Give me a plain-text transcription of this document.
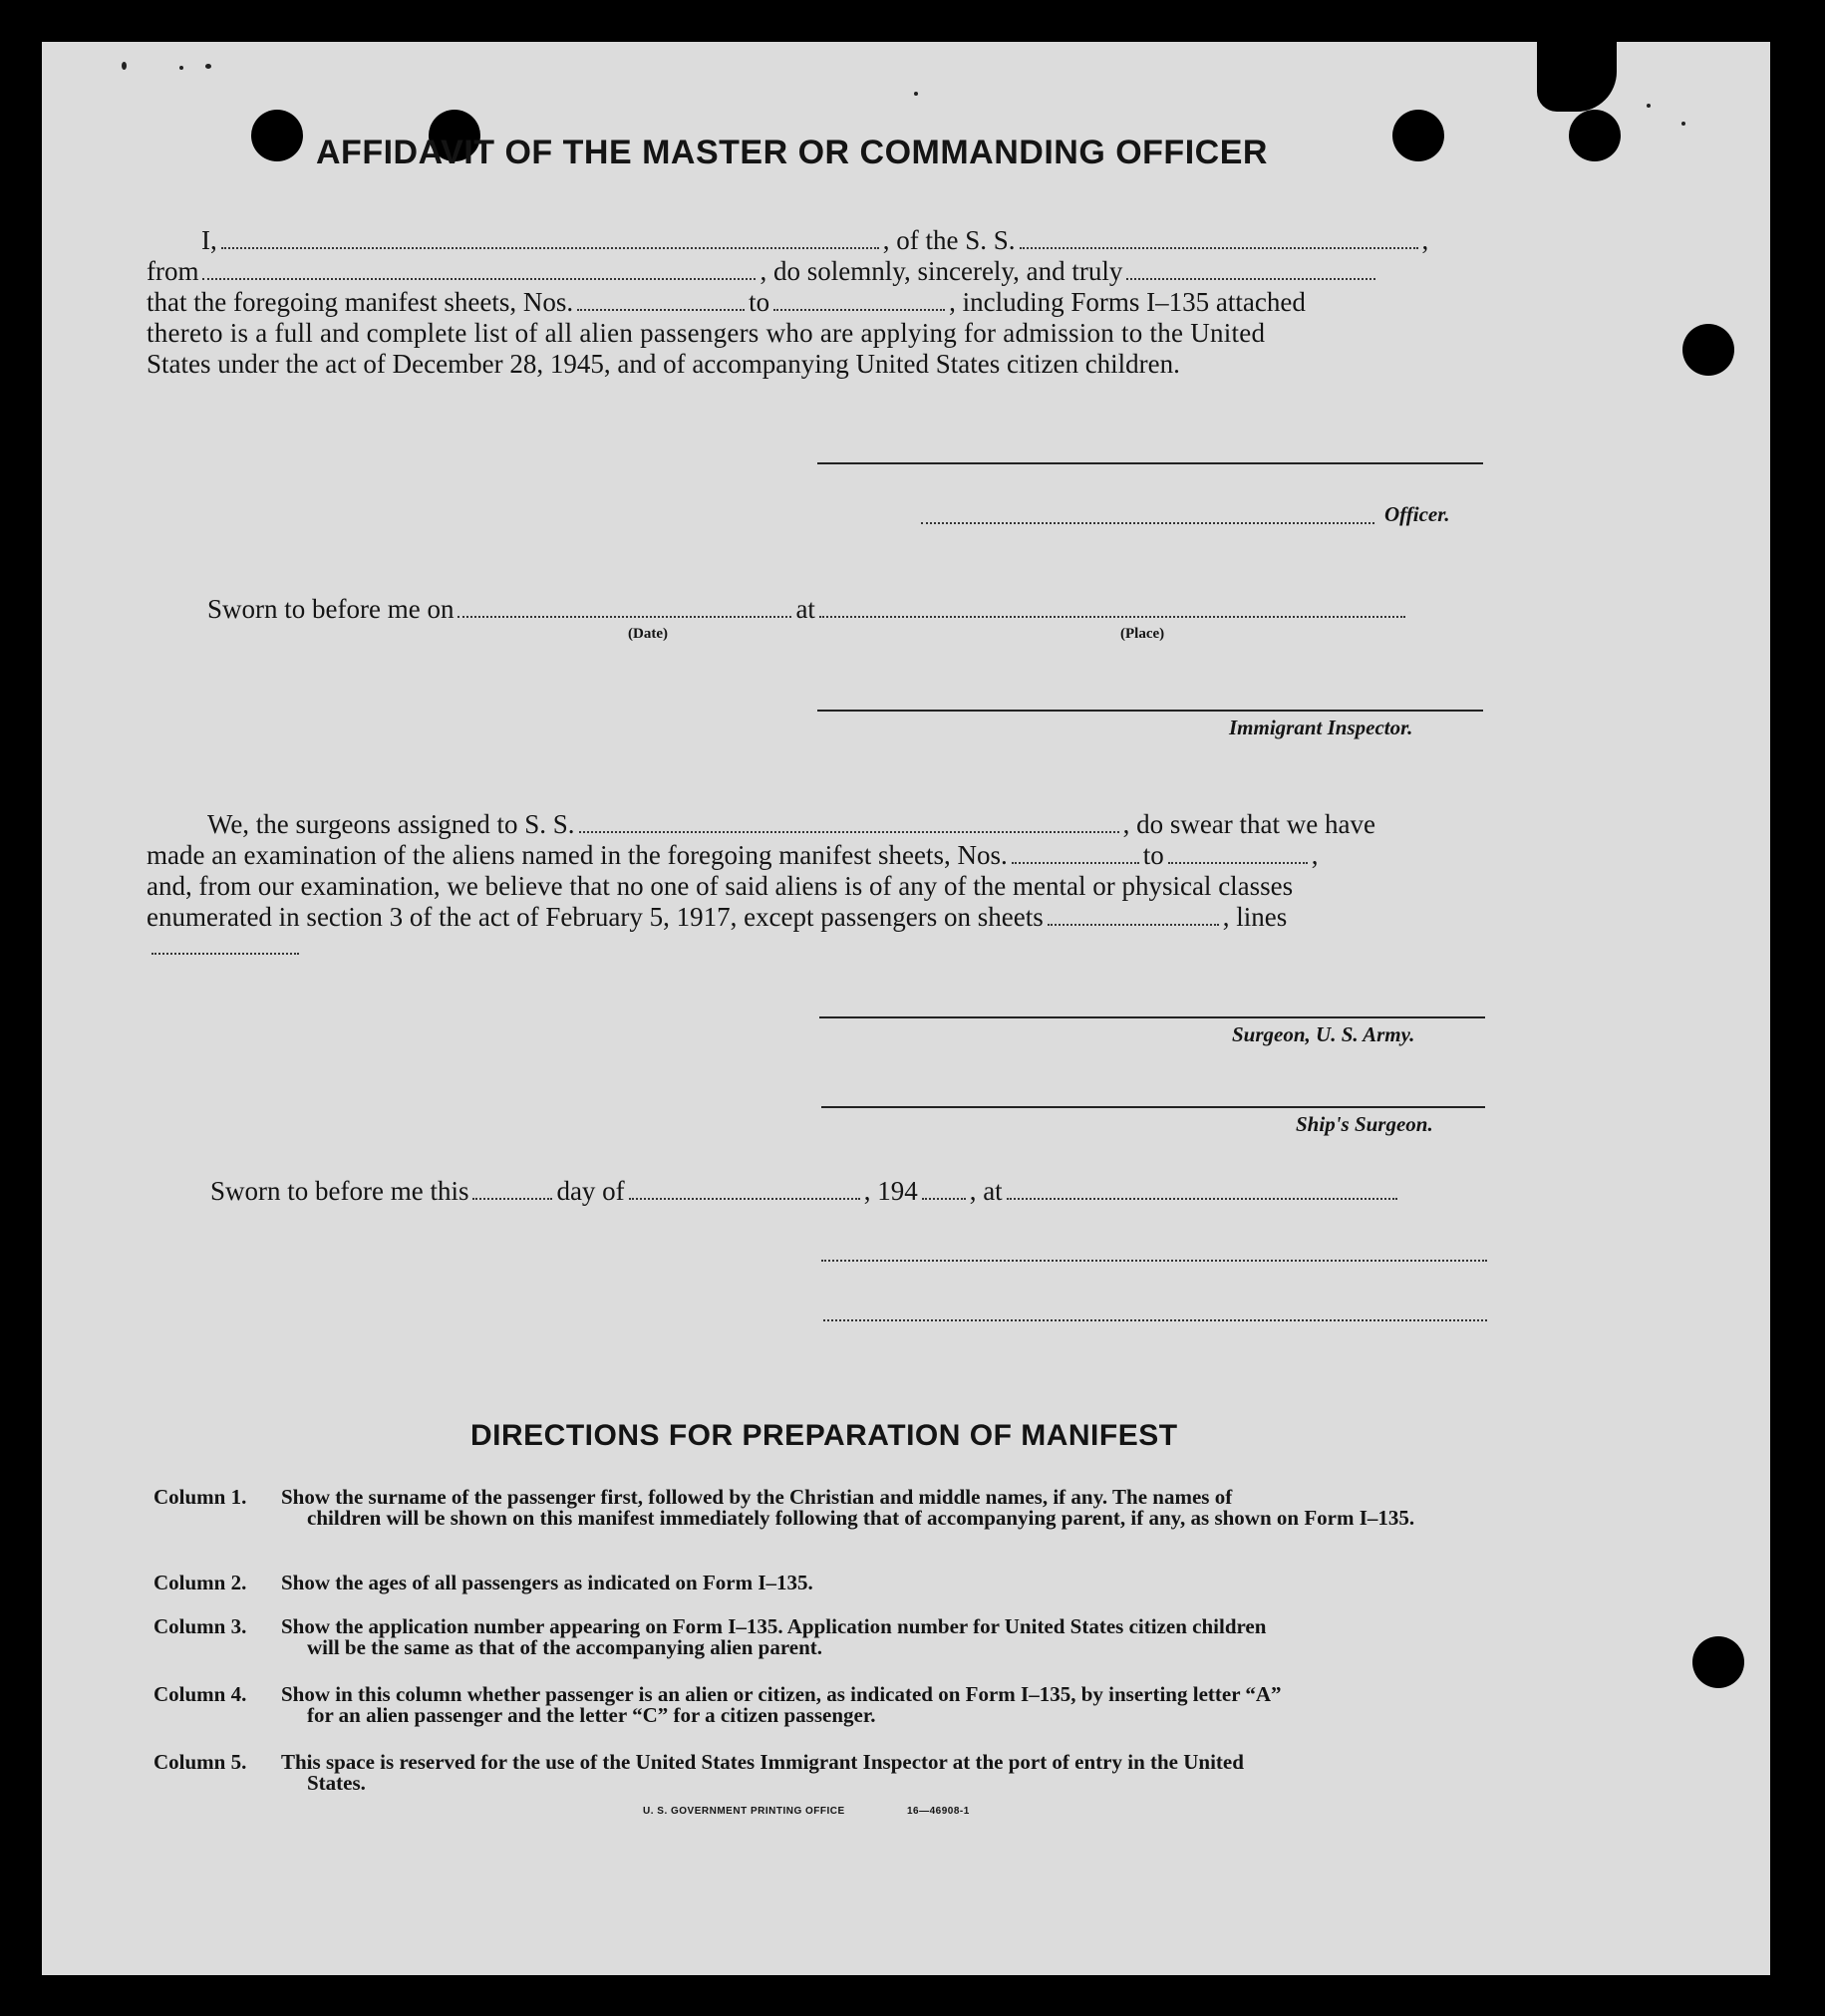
AFFIDAVIT OF THE MASTER OR COMMANDING OFFICER
I,	, of the S. S.	,
from	, do solemnly, sincerely, and truly
that the foregoing manifest sheets, Nos.	to	, including Forms I–135 attached
thereto is a full and complete list of all alien passengers who are applying for admission to the United
States under the act of December 28, 1945, and of accompanying United States citizen children.
Officer.
Sworn to before me on	at
(Date)	(Place)
Immigrant Inspector.
We, the surgeons assigned to S. S.	, do swear that we have
made an examination of the aliens named in the foregoing manifest sheets, Nos.	to	,
and, from our examination, we believe that no one of said aliens is of any of the mental or physical classes
enumerated in section 3 of the act of February 5, 1917, except passengers on sheets	, lines
Surgeon, U. S. Army.
Ship's Surgeon.
Sworn to before me this	day of	, 194 , at
DIRECTIONS FOR PREPARATION OF MANIFEST
Column 1.	Show the surname of the passenger first, followed by the Christian and middle names, if any. The names of
children will be shown on this manifest immediately following that of accompanying parent, if any, as shown on Form I–135.
Column 2.	Show the ages of all passengers as indicated on Form I–135.
Column 3.	Show the application number appearing on Form I–135. Application number for United States citizen children
will be the same as that of the accompanying alien parent.
Column 4.	Show in this column whether passenger is an alien or citizen, as indicated on Form I–135, by inserting letter “A”
for an alien passenger and the letter “C” for a citizen passenger.
Column 5.	This space is reserved for the use of the United States Immigrant Inspector at the port of entry in the United
States.
U. S. GOVERNMENT PRINTING OFFICE	16—46908-1
